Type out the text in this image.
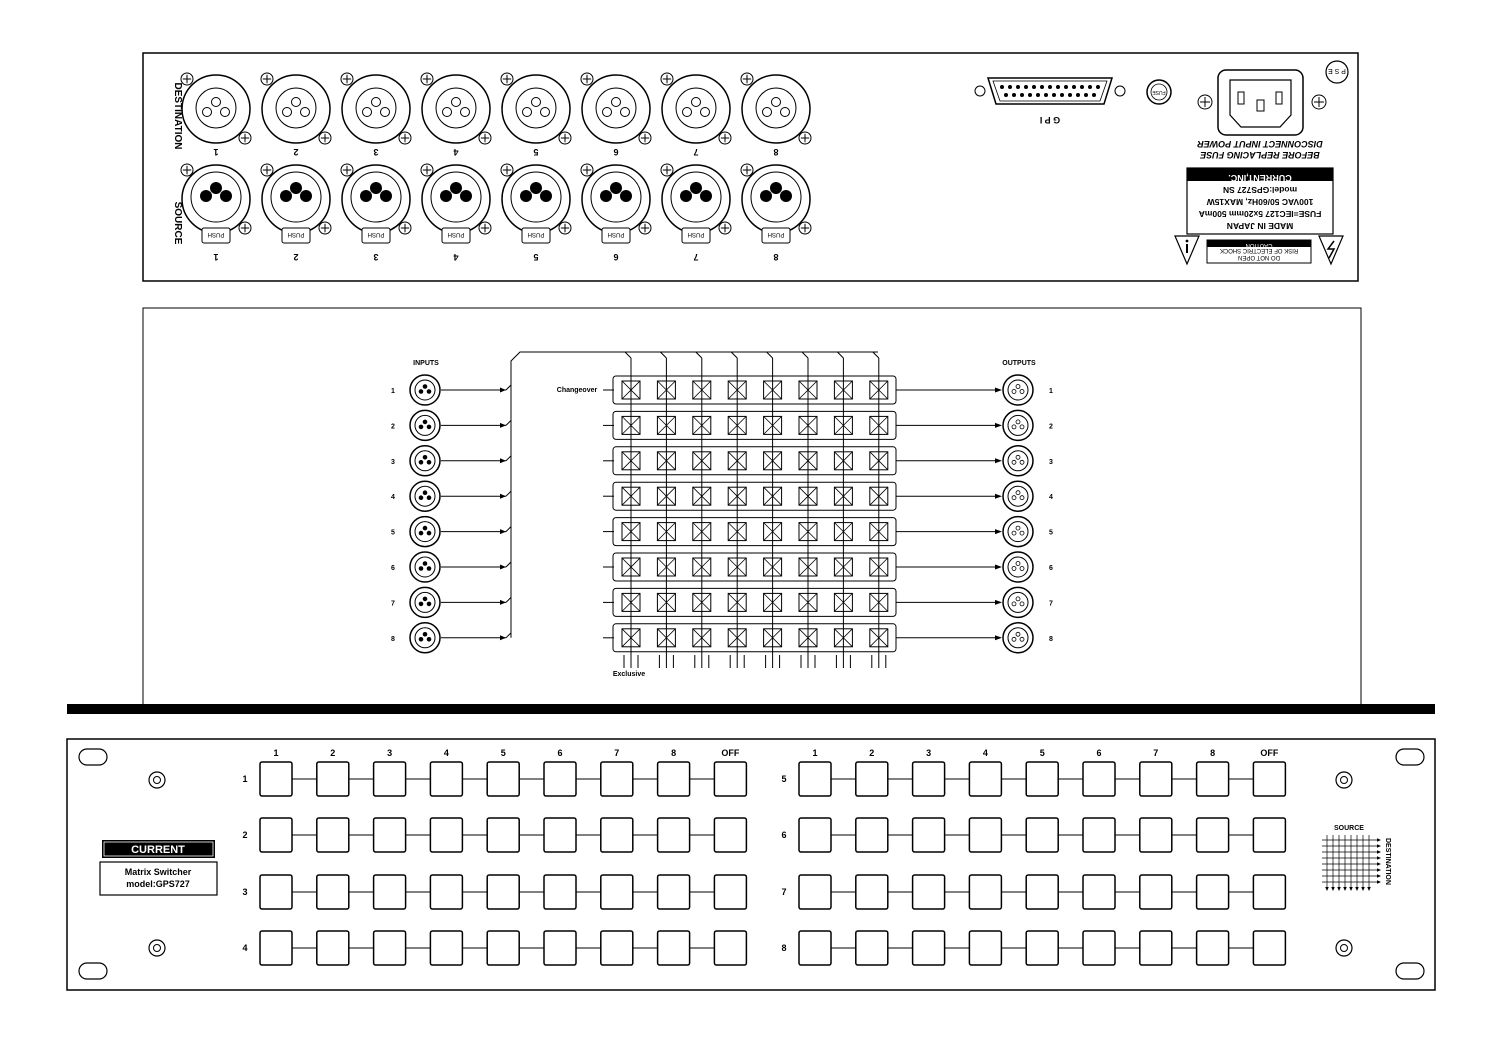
1
PUSH
1
2
PUSH
2
3
PUSH
3
4
PUSH
4
5
PUSH
5
6
PUSH
6
7
PUSH
7
8
PUSH
8
DESTINATION
SOURCE
G P I
FUSE
P S E
DISCONNECT INPUT POWER
BEFORE REPLACING FUSE
CURRENT,INC.
model:GPS727 SN
100VAC 50/60Hz, MAX15W
FUSE=IEC127 5x20mm 500mA
MADE IN JAPAN
CAUTION
RISK OF ELECTRIC SHOCK
DO NOT OPEN
INPUTS	OUTPUTS
Changeover
Exclusive
1	1
2	2
3	3
4	4
5	5
6	6
7	7
8	8
CURRENT
Matrix Switcher
model:GPS727
1	2	3	4	5	6	7	8	OFF
1
2
3
4
1	2	3	4	5	6	7	8	OFF
5
6
7
8
SOURCE
DESTINATION
